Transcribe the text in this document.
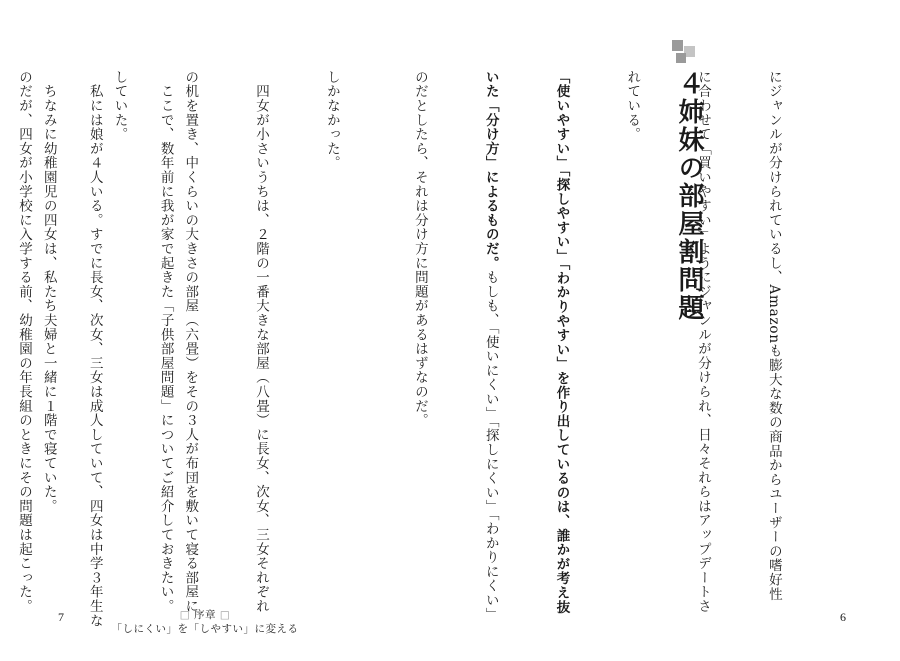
にジャンルが分けられているし、Amazonも膨大な数の商品からユーザーの嗜好性

に合わせて「買いやすい」ようにジャンルが分けられ、日々それらはアップデートさ

れている。

「使いやすい」「探しやすい」「わかりやすい」を作り出しているのは、誰かが考え抜

いた「分け方」によるものだ。もしも、「使いにくい」「探しにくい」「わかりにくい」

のだとしたら、それは分け方に問題があるはずなのだ。

　ここで、数年前に我が家で起きた「子供部屋問題」についてご紹介しておきたい。

　私には娘が４人いる。すでに長女、次女、三女は成人していて、四女は中学３年生な

のだが、四女が小学校に入学する前、幼稚園の年長組のときにその問題は起こった。

	４姉妹の部屋割問題
6

しかなかった。

　四女が小さいうちは、２階の一番大きな部屋（八畳）に長女、次女、三女それぞれ

の机を置き、中くらいの大きさの部屋（六畳）をその３人が布団を敷いて寝る部屋に

していた。

　ちなみに幼稚園児の四女は、私たち夫婦と一緒に１階で寝ていた。

7	□ 序章 □
「しにくい」を「しやすい」に変える
